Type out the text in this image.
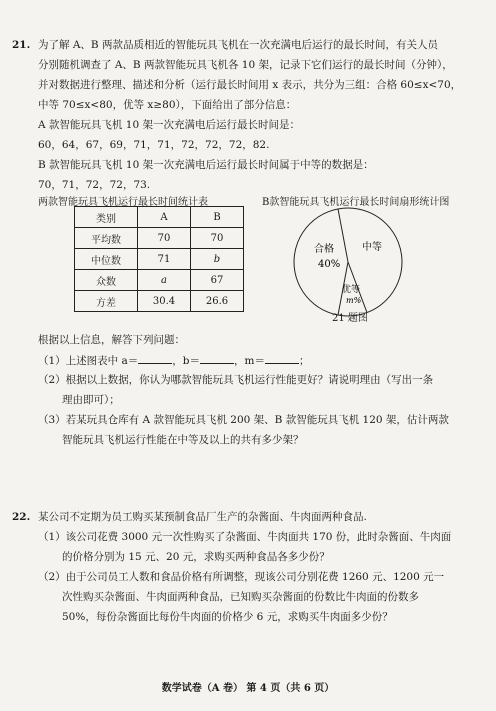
21. 为了解 A、B 两款品质相近的智能玩具飞机在一次充满电后运行的最长时间，有关人员
分别随机调查了 A、B 两款智能玩具飞机各 10 架，记录下它们运行的最长时间（分钟），
并对数据进行整理、描述和分析（运行最长时间用 x 表示，共分为三组：合格 60≤x<70，
中等 70≤x<80，优等 x≥80），下面给出了部分信息：
A 款智能玩具飞机 10 架一次充满电后运行最长时间是：
60，64，67，69，71，71，72，72，72，82.
B 款智能玩具飞机 10 架一次充满电后运行最长时间属于中等的数据是：
70，71，72，72，73.
两款智能玩具飞机运行最长时间统计表	B款智能玩具飞机运行最长时间扇形统计图
类别	A	B
平均数	70	70
中位数	71	b
众数	a	67
方差	30.4	26.6
合格
40%
中等
优等
m%
21 题图
根据以上信息，解答下列问题：
（1）上述图表中 a＝	，b＝	，m＝	；
（2）根据以上数据，你认为哪款智能玩具飞机运行性能更好？请说明理由（写出一条
理由即可）；
（3）若某玩具仓库有 A 款智能玩具飞机 200 架、B 款智能玩具飞机 120 架，估计两款
智能玩具飞机运行性能在中等及以上的共有多少架？
22. 某公司不定期为员工购买某预制食品厂生产的杂酱面、牛肉面两种食品.
（1）该公司花费 3000 元一次性购买了杂酱面、牛肉面共 170 份，此时杂酱面、牛肉面
的价格分别为 15 元、20 元，求购买两种食品各多少份？
（2）由于公司员工人数和食品价格有所调整，现该公司分别花费 1260 元、1200 元一
次性购买杂酱面、牛肉面两种食品，已知购买杂酱面的份数比牛肉面的份数多
50%，每份杂酱面比每份牛肉面的价格少 6 元，求购买牛肉面多少份？
数学试卷（A 卷） 第 4 页（共 6 页）
